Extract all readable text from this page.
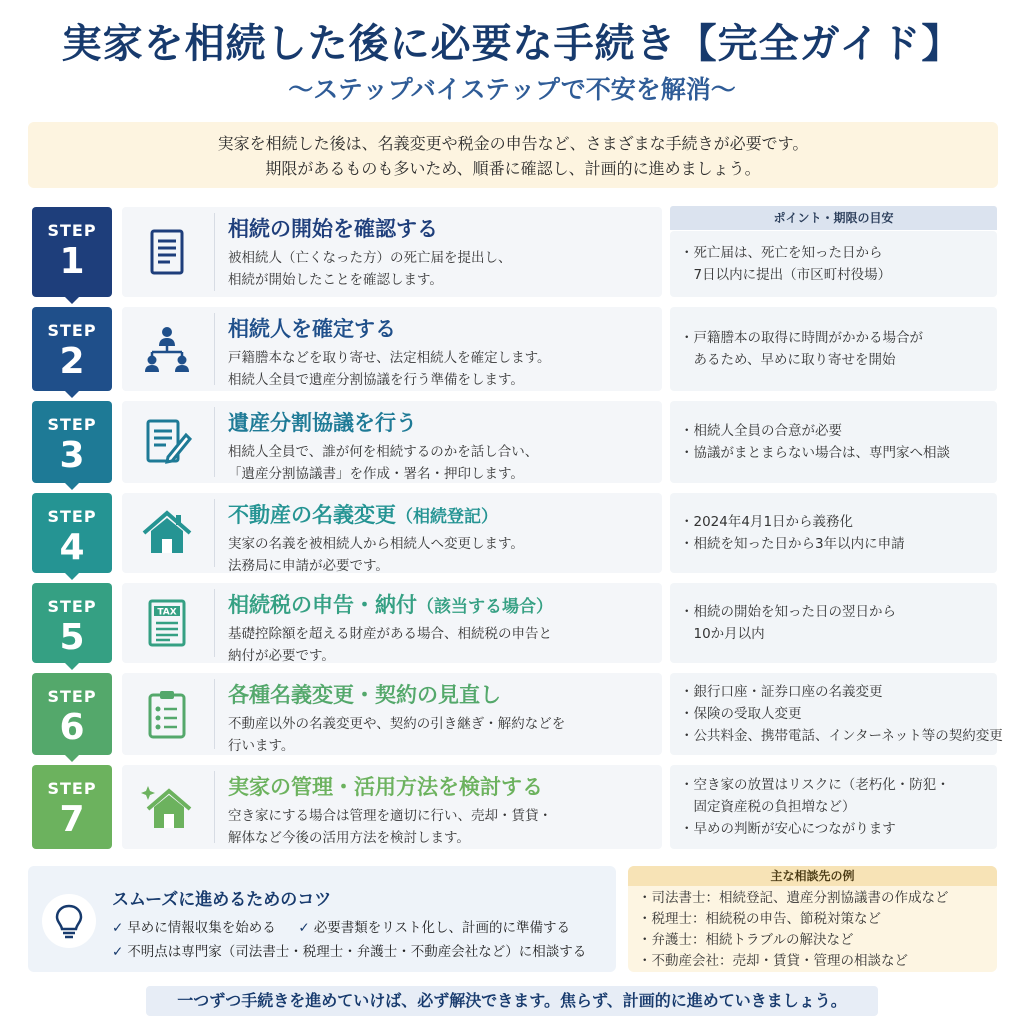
実家を相続した後に必要な手続き【完全ガイド】
〜ステップバイステップで不安を解消〜
実家を相続した後は、名義変更や税金の申告など、さまざまな手続きが必要です。
期限があるものも多いため、順番に確認し、計画的に進めましょう。
ポイント・期限の目安
STEP
1
相続の開始を確認する
被相続人（亡くなった方）の死亡届を提出し、
相続が開始したことを確認します。
・死亡届は、死亡を知った日から
　7日以内に提出（市区町村役場）
STEP
2
相続人を確定する
戸籍謄本などを取り寄せ、法定相続人を確定します。
相続人全員で遺産分割協議を行う準備をします。
・戸籍謄本の取得に時間がかかる場合が
　あるため、早めに取り寄せを開始
STEP
3
遺産分割協議を行う
相続人全員で、誰が何を相続するのかを話し合い、
「遺産分割協議書」を作成・署名・押印します。
・相続人全員の合意が必要
・協議がまとまらない場合は、専門家へ相談
STEP
4
不動産の名義変更（相続登記）
実家の名義を被相続人から相続人へ変更します。
法務局に申請が必要です。
・2024年4月1日から義務化
・相続を知った日から3年以内に申請
STEP
5
TAX 相続税の申告・納付（該当する場合）
基礎控除額を超える財産がある場合、相続税の申告と
納付が必要です。
・相続の開始を知った日の翌日から
　10か月以内
STEP
6
各種名義変更・契約の見直し
不動産以外の名義変更や、契約の引き継ぎ・解約などを
行います。
・銀行口座・証券口座の名義変更
・保険の受取人変更
・公共料金、携帯電話、インターネット等の契約変更
STEP
7
実家の管理・活用方法を検討する
空き家にする場合は管理を適切に行い、売却・賃貸・
解体など今後の活用方法を検討します。
・空き家の放置はリスクに（老朽化・防犯・
　固定資産税の負担増など）
・早めの判断が安心につながります
スムーズに進めるためのコツ
✓ 早めに情報収集を始める ✓ 必要書類をリスト化し、計画的に準備する
✓ 不明点は専門家（司法書士・税理士・弁護士・不動産会社など）に相談する
主な相談先の例
・司法書士：相続登記、遺産分割協議書の作成など
・税理士：相続税の申告、節税対策など
・弁護士：相続トラブルの解決など
・不動産会社：売却・賃貸・管理の相談など
一つずつ手続きを進めていけば、必ず解決できます。焦らず、計画的に進めていきましょう。
